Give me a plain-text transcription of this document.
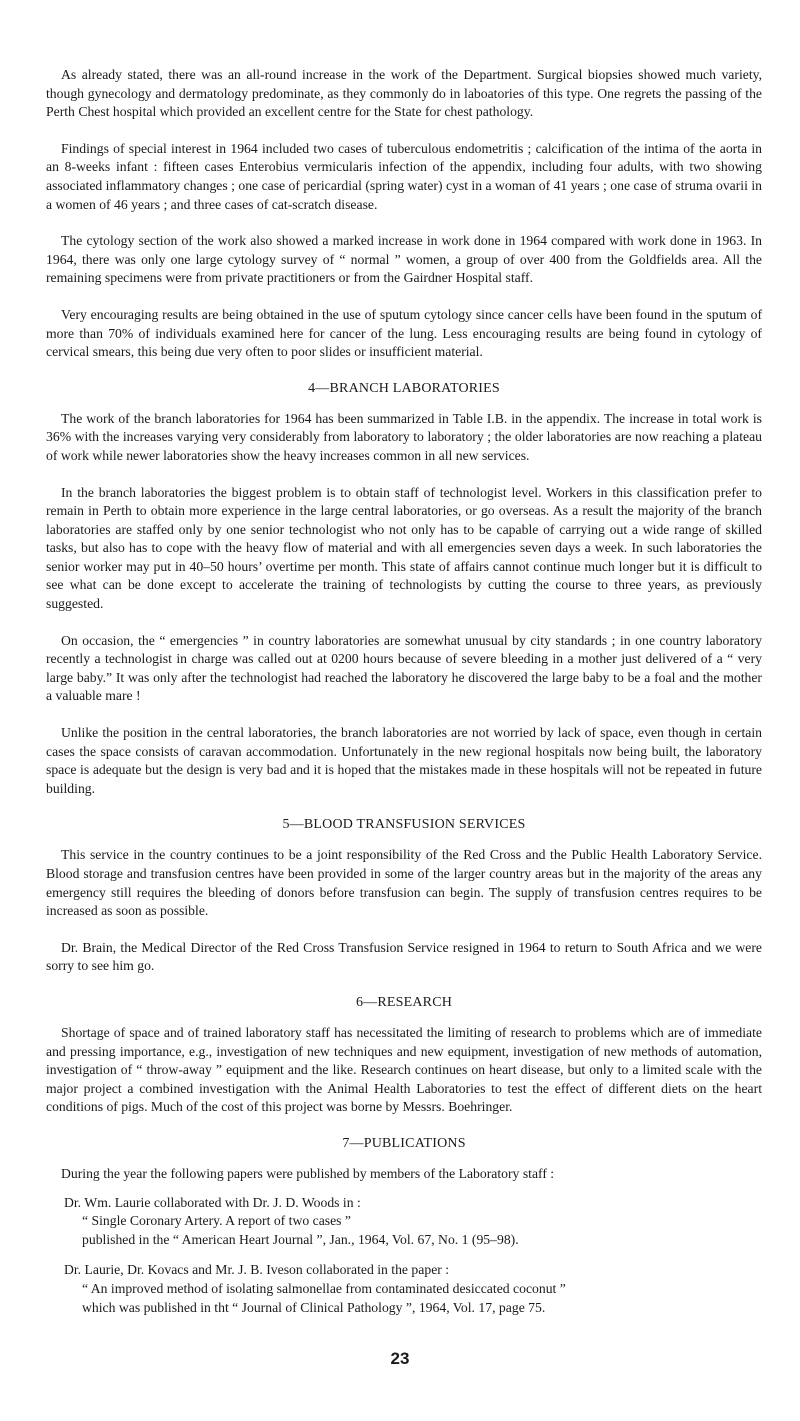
As already stated, there was an all-round increase in the work of the Department. Surgical biopsies showed much variety, though gynecology and dermatology predominate, as they commonly do in laboatories of this type. One regrets the passing of the Perth Chest hospital which provided an excellent centre for the State for chest pathology.

Findings of special interest in 1964 included two cases of tuberculous endometritis ; calcification of the intima of the aorta in an 8-weeks infant : fifteen cases Enterobius vermicularis infection of the appendix, including four adults, with two showing associated inflammatory changes ; one case of pericardial (spring water) cyst in a woman of 41 years ; one case of struma ovarii in a women of 46 years ; and three cases of cat-scratch disease.

The cytology section of the work also showed a marked increase in work done in 1964 compared with work done in 1963. In 1964, there was only one large cytology survey of “ normal ” women, a group of over 400 from the Goldfields area. All the remaining specimens were from private practitioners or from the Gairdner Hospital staff.

Very encouraging results are being obtained in the use of sputum cytology since cancer cells have been found in the sputum of more than 70% of individuals examined here for cancer of the lung. Less encouraging results are being found in cytology of cervical smears, this being due very often to poor slides or insufficient material.

4—BRANCH LABORATORIES

The work of the branch laboratories for 1964 has been summarized in Table I.B. in the appendix. The increase in total work is 36% with the increases varying very considerably from laboratory to laboratory ; the older laboratories are now reaching a plateau of work while newer laboratories show the heavy increases common in all new services.

In the branch laboratories the biggest problem is to obtain staff of technologist level. Workers in this classification prefer to remain in Perth to obtain more experience in the large central laboratories, or go overseas. As a result the majority of the branch laboratories are staffed only by one senior technologist who not only has to be capable of carrying out a wide range of skilled tasks, but also has to cope with the heavy flow of material and with all emergencies seven days a week. In such laboratories the senior worker may put in 40–50 hours’ overtime per month. This state of affairs cannot continue much longer but it is difficult to see what can be done except to accelerate the training of technologists by cutting the course to three years, as previously suggested.

On occasion, the “ emergencies ” in country laboratories are somewhat unusual by city standards ; in one country laboratory recently a technologist in charge was called out at 0200 hours because of severe bleeding in a mother just delivered of a “ very large baby.” It was only after the technologist had reached the laboratory he discovered the large baby to be a foal and the mother a valuable mare !

Unlike the position in the central laboratories, the branch laboratories are not worried by lack of space, even though in certain cases the space consists of caravan accommodation. Unfortunately in the new regional hospitals now being built, the laboratory space is adequate but the design is very bad and it is hoped that the mistakes made in these hospitals will not be repeated in future building.

5—BLOOD TRANSFUSION SERVICES

This service in the country continues to be a joint responsibility of the Red Cross and the Public Health Laboratory Service. Blood storage and transfusion centres have been provided in some of the larger country areas but in the majority of the areas any emergency still requires the bleeding of donors before transfusion can begin. The supply of transfusion centres requires to be increased as soon as possible.

Dr. Brain, the Medical Director of the Red Cross Transfusion Service resigned in 1964 to return to South Africa and we were sorry to see him go.

6—RESEARCH

Shortage of space and of trained laboratory staff has necessitated the limiting of research to problems which are of immediate and pressing importance, e.g., investigation of new techniques and new equipment, investigation of new methods of automation, investigation of “ throw-away ” equipment and the like. Research continues on heart disease, but only to a limited scale with the major project a combined investigation with the Animal Health Laboratories to test the effect of different diets on the heart conditions of pigs. Much of the cost of this project was borne by Messrs. Boehringer.

7—PUBLICATIONS

During the year the following papers were published by members of the Laboratory staff :

Dr. Wm. Laurie collaborated with Dr. J. D. Woods in :

“ Single Coronary Artery. A report of two cases ”

published in the “ American Heart Journal ”, Jan., 1964, Vol. 67, No. 1 (95–98).

Dr. Laurie, Dr. Kovacs and Mr. J. B. Iveson collaborated in the paper :

“ An improved method of isolating salmonellae from contaminated desiccated coconut ”

which was published in tht “ Journal of Clinical Pathology ”, 1964, Vol. 17, page 75.

23
